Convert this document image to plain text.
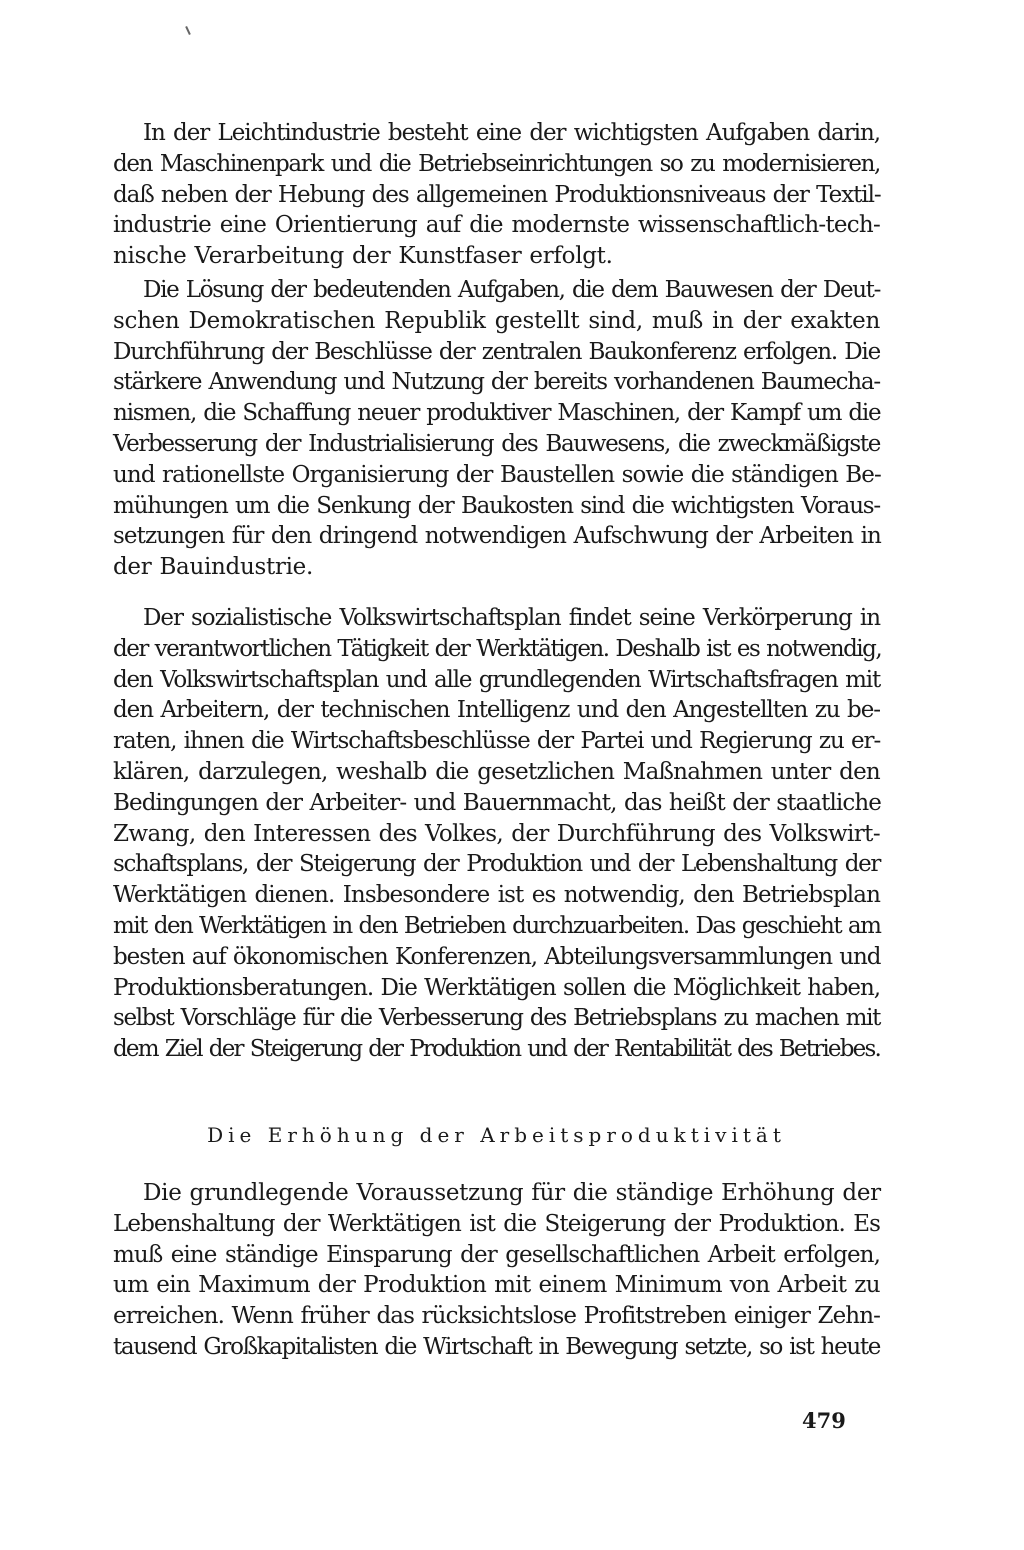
In der Leichtindustrie besteht eine der wichtigsten Aufgaben darin,
den Maschinenpark und die Betriebseinrichtungen so zu modernisieren,
daß neben der Hebung des allgemeinen Produktionsniveaus der Textil-
industrie eine Orientierung auf die modernste wissenschaftlich-tech-
nische Verarbeitung der Kunstfaser erfolgt.
Die Lösung der bedeutenden Aufgaben, die dem Bauwesen der Deut-
schen Demokratischen Republik gestellt sind, muß in der exakten
Durchführung der Beschlüsse der zentralen Baukonferenz erfolgen. Die
stärkere Anwendung und Nutzung der bereits vorhandenen Baumecha-
nismen, die Schaffung neuer produktiver Maschinen, der Kampf um die
Verbesserung der Industrialisierung des Bauwesens, die zweckmäßigste
und rationellste Organisierung der Baustellen sowie die ständigen Be-
mühungen um die Senkung der Baukosten sind die wichtigsten Voraus-
setzungen für den dringend notwendigen Aufschwung der Arbeiten in
der Bauindustrie.
Der sozialistische Volkswirtschaftsplan findet seine Verkörperung in
der verantwortlichen Tätigkeit der Werktätigen. Deshalb ist es notwendig,
den Volkswirtschaftsplan und alle grundlegenden Wirtschaftsfragen mit
den Arbeitern, der technischen Intelligenz und den Angestellten zu be-
raten, ihnen die Wirtschaftsbeschlüsse der Partei und Regierung zu er-
klären, darzulegen, weshalb die gesetzlichen Maßnahmen unter den
Bedingungen der Arbeiter- und Bauernmacht, das heißt der staatliche
Zwang, den Interessen des Volkes, der Durchführung des Volkswirt-
schaftsplans, der Steigerung der Produktion und der Lebenshaltung der
Werktätigen dienen. Insbesondere ist es notwendig, den Betriebsplan
mit den Werktätigen in den Betrieben durchzuarbeiten. Das geschieht am
besten auf ökonomischen Konferenzen, Abteilungsversammlungen und
Produktionsberatungen. Die Werktätigen sollen die Möglichkeit haben,
selbst Vorschläge für die Verbesserung des Betriebsplans zu machen mit
dem Ziel der Steigerung der Produktion und der Rentabilität des Betriebes.
Die Erhöhung der Arbeitsproduktivität
Die grundlegende Voraussetzung für die ständige Erhöhung der
Lebenshaltung der Werktätigen ist die Steigerung der Produktion. Es
muß eine ständige Einsparung der gesellschaftlichen Arbeit erfolgen,
um ein Maximum der Produktion mit einem Minimum von Arbeit zu
erreichen. Wenn früher das rücksichtslose Profitstreben einiger Zehn-
tausend Großkapitalisten die Wirtschaft in Bewegung setzte, so ist heute
479
